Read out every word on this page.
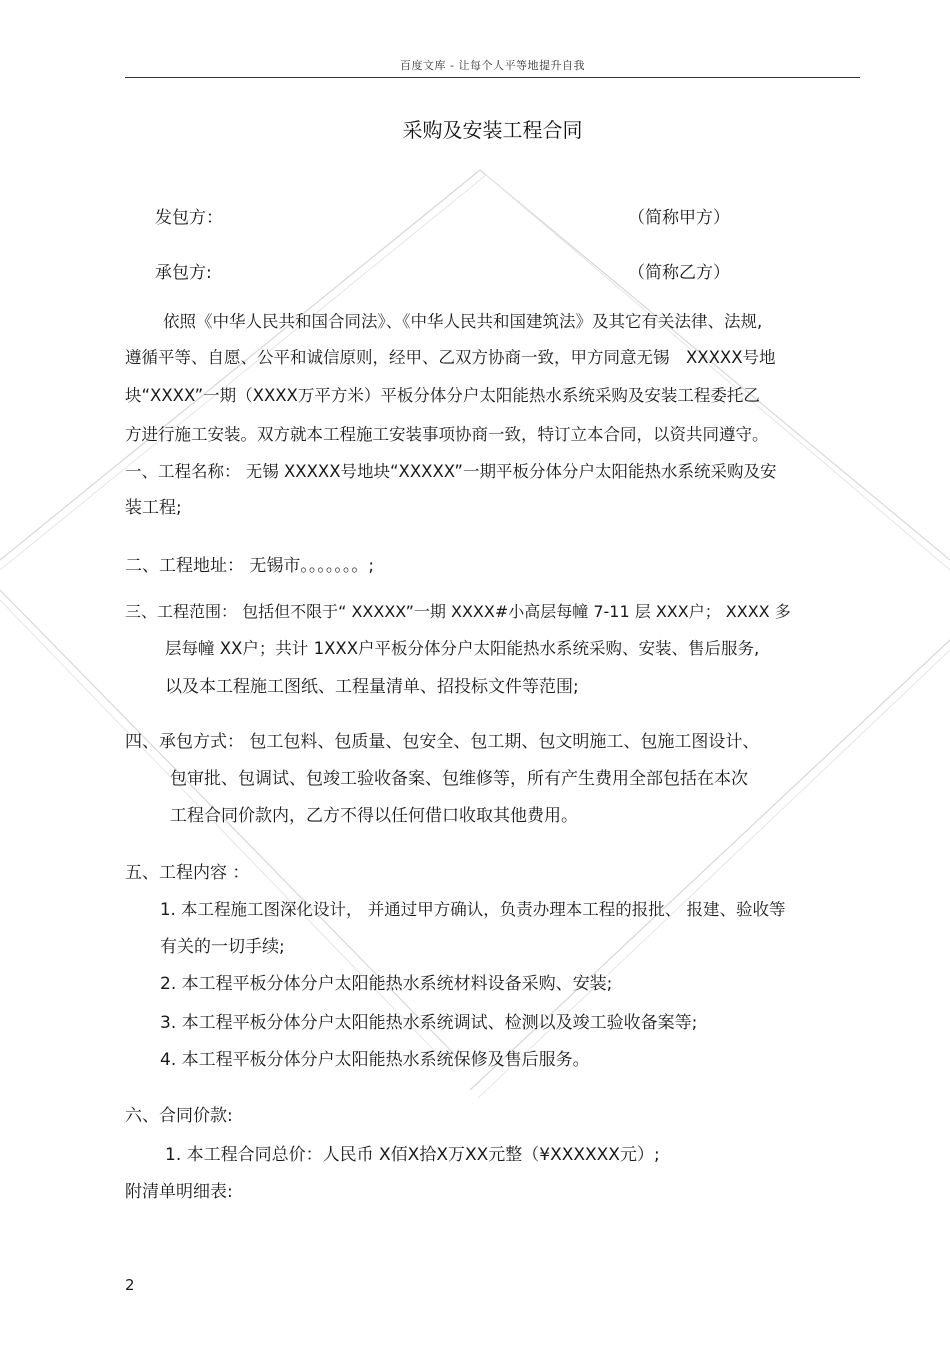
百度文库 - 让每个人平等地提升自我
采购及安装工程合同
发包方：	（简称甲方）
承包方:	（简称乙方）
依照《中华人民共和国合同法》、《中华人民共和国建筑法》及其它有关法律、法规,
遵循平等、自愿、公平和诚信原则，经甲、乙双方协商一致，甲方同意无锡　XXXXX号地
块“XXXX”一期（XXXX万平方米）平板分体分户太阳能热水系统采购及安装工程委托乙
方进行施工安装。双方就本工程施工安装事项协商一致，特订立本合同，以资共同遵守。
一、工程名称： 无锡 XXXXX号地块“XXXXX”一期平板分体分户太阳能热水系统采购及安
装工程;
二、工程地址： 无锡市。。。。。。。;
三、工程范围： 包括但不限于“ XXXXX”一期 XXXX#小高层每幢 7-11 层 XXX户； XXXX 多
层每幢 XX户；共计 1XXX户平板分体分户太阳能热水系统采购、安装、售后服务,
以及本工程施工图纸、工程量清单、招投标文件等范围;
四、承包方式： 包工包料、包质量、包安全、包工期、包文明施工、包施工图设计、
包审批、包调试、包竣工验收备案、包维修等，所有产生费用全部包括在本次
工程合同价款内，乙方不得以任何借口收取其他费用。
五、工程内容 ：
1. 本工程施工图深化设计， 并通过甲方确认，负责办理本工程的报批、 报建、验收等
有关的一切手续;
2. 本工程平板分体分户太阳能热水系统材料设备采购、安装;
3. 本工程平板分体分户太阳能热水系统调试、检测以及竣工验收备案等;
4. 本工程平板分体分户太阳能热水系统保修及售后服务。
六、合同价款:
1. 本工程合同总价：人民币 X佰X拾X万XX元整（¥XXXXXX元）;
附清单明细表:
2
